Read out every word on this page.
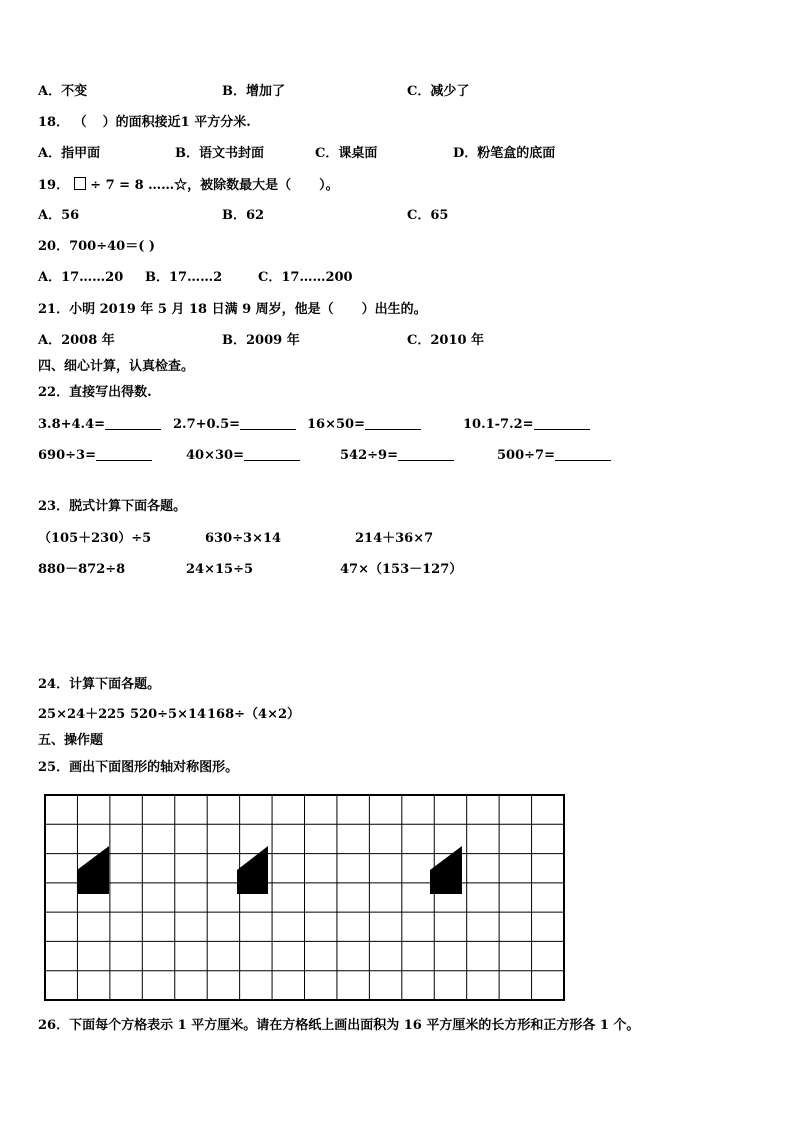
A．不变	B．增加了	C．减少了
18． （ ）的面积接近1 平方分米.
A．指甲面	B．语文书封面	C．课桌面	D．粉笔盒的底面
19． ÷ 7 = 8 ……☆，被除数最大是（ ）。
A．56	B．62	C．65
20．700÷40＝( )
A．17……20 B．17……2	C．17……200
21．小明 2019 年 5 月 18 日满 9 周岁，他是（ ）出生的。
A．2008 年	B．2009 年	C．2010 年
四、细心计算，认真检查。
22．直接写出得数.
3.8+4.4=	2.7+0.5=	16×50=	10.1-7.2=
690÷3=	40×30=	542÷9=	500÷7=
23．脱式计算下面各题。
（105＋230）÷5	630÷3×14	214＋36×7
880－872÷8	24×15÷5	47×（153－127）
24．计算下面各题。
25×24＋225 520÷5×14 168÷（4×2）
五、操作题
25．画出下面图形的轴对称图形。
26．下面每个方格表示 1 平方厘米。请在方格纸上画出面积为 16 平方厘米的长方形和正方形各 1 个。
